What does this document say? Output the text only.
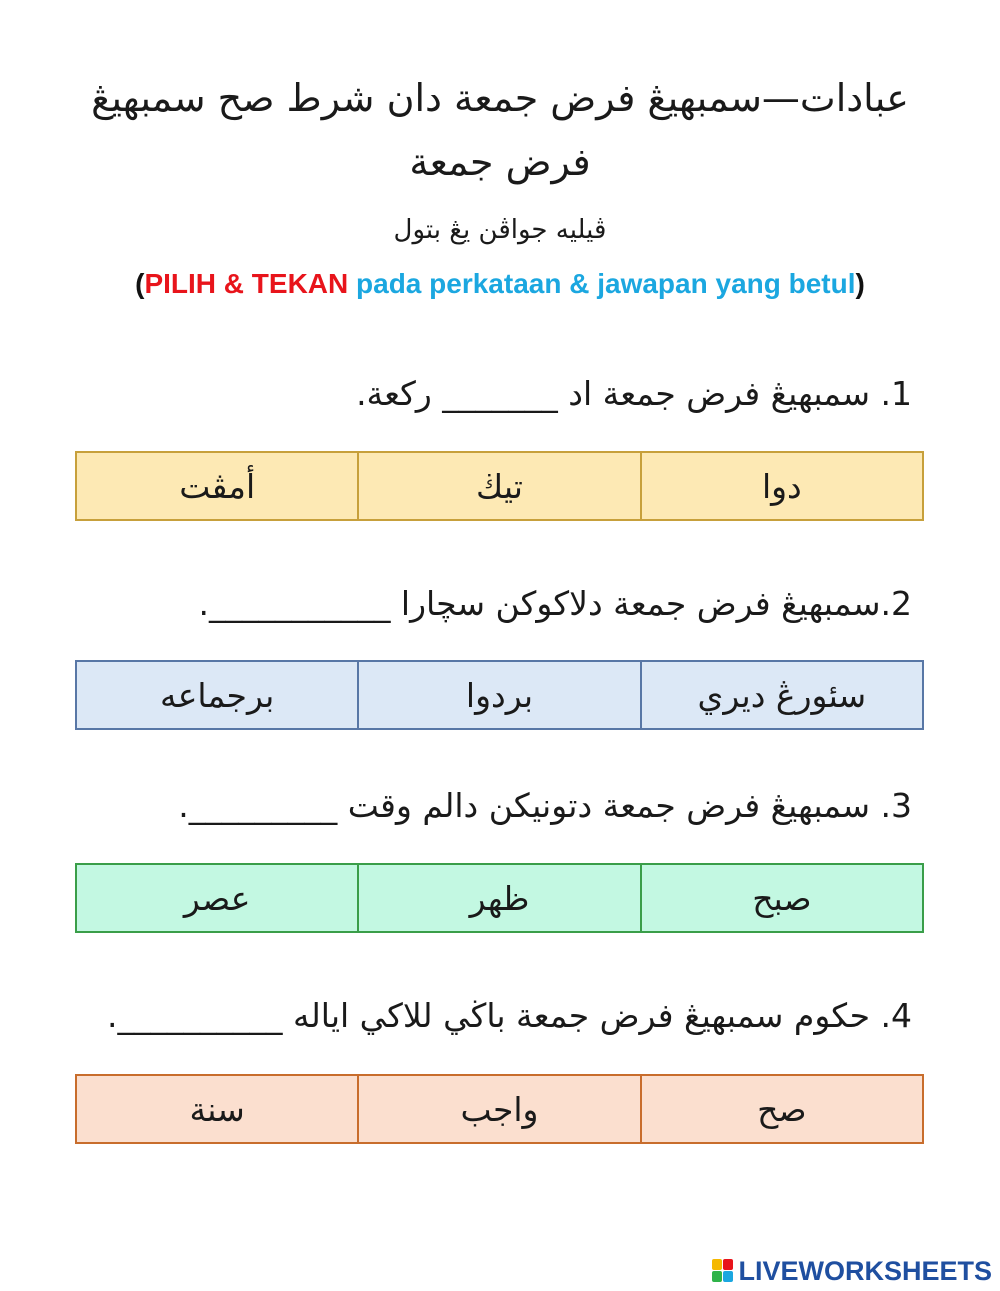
عبادات—سمبهيڠ فرض جمعة دان شرط صح سمبهيڠ فرض جمعة
ڤيليه جواڤن يڠ بتول
(PILIH & TEKAN pada perkataan & jawapan yang betul)
1. سمبهيڠ فرض جمعة اد _______ ركعة.
دوا
تيڬ
أمڤت
2.سمبهيڠ فرض جمعة دلاكوكن سچارا ___________.
سئورڠ ديري
بردوا
برجماعه
3. سمبهيڠ فرض جمعة دتونيكن دالم وقت _________.
صبح
ظهر
عصر
4. حكوم سمبهيڠ فرض جمعة باڬي للاكي اياله __________.
صح
واجب
سنة
LIVEWORKSHEETS
